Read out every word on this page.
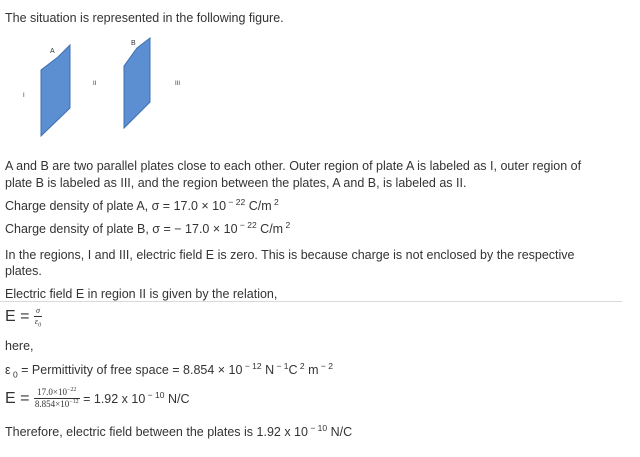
The situation is represented in the following figure.
A
B
I
II	III
A and B are two parallel plates close to each other. Outer region of plate A is labeled as I, outer region of
plate B is labeled as III, and the region between the plates, A and B, is labeled as II.
Charge density of plate A, σ = 17.0 × 10 $^{- 22}$ C/m $^2$
Charge density of plate B, σ = − 17.0 × 10 $^{- 22}$ C/m $^2$
In the regions, I and III, electric field E is zero. This is because charge is not enclosed by the respective
plates.
Electric field E in region II is given by the relation,
$E = \frac{\sigma}{\varepsilon_0}$
here,
ε $_0$ = Permittivity of free space = 8.854 × 10 $^{- 12}$ N $^{- 1}$C $^2$ m $^{- 2}$
$E = \frac{17.0\times 10^{-22}}{8.854\times 10^{-12}} = 1.92$ x 10 $^{- 10}$ N/C
Therefore, electric field between the plates is 1.92 x 10 $^{- 10}$ N/C
